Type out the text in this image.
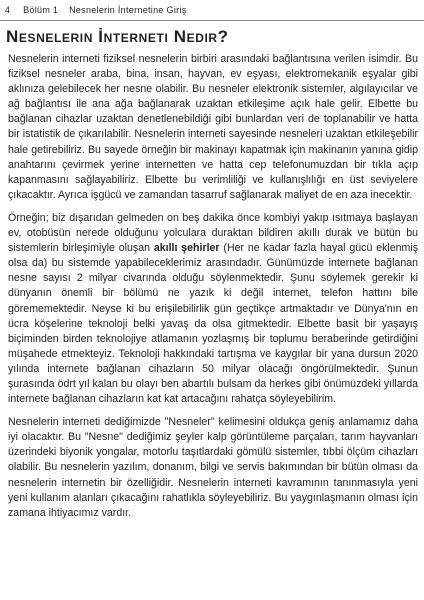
4 Bölüm 1 Nesnelerin İnternetine Giriş
Nesnelerin İnterneti Nedir?

Nesnelerin interneti fiziksel nesnelerin birbiri arasındaki bağlantısına verilen isimdir. Bu fiziksel nesneler araba, bina, insan, hayvan, ev eşyası, elektromekanik eşyalar gibi aklınıza gelebilecek her nesne olabilir. Bu nesneler elektronik sistemler, algılayıcılar ve ağ bağlantısı ile ana ağa bağlanarak uzaktan etkileşime açık hale gelir. Elbette bu bağlanan cihazlar uzaktan denetlenebildiği gibi bunlardan veri de toplanabilir ve hatta bir istatistik de çıkarılabilir. Nesnelerin interneti sayesinde nesneleri uzaktan etkileşebilir hale getirebiliriz. Bu sayede örneğin bir makinayı kapatmak için makinanın yanına gidip anahtarını çevirmek yerine internetten ve hatta cep telefonumuzdan bir tıkla açıp kapanmasını sağlayabiliriz. Elbette bu verimliliği ve kullanışlılığı en üst seviyelere çıkacaktır. Ayrıca işgücü ve zamandan tasarruf sağlanarak maliyet de en aza inecektir.

Örneğin; biz dışarıdan gelmeden on beş dakika önce kombiyi yakıp ısıtmaya başlayan ev, otobüsün nerede olduğunu yolculara duraktan bildiren akıllı durak ve bütün bu sistemlerin birleşimiyle oluşan akıllı şehirler (Her ne kadar fazla hayal gücü eklenmiş olsa da) bu sistemde yapabileceklerimiz arasındadır. Günümüzde internete bağlanan nesne sayısı 2 milyar civarında olduğu söylenmektedir. Şunu söylemek gerekir ki dünyanın önemli bir bölümü ne yazık ki değil internet, telefon hattını bile görememektedir. Neyse ki bu erişilebilirlik gün geçtikçe artmaktadır ve Dünya'nın en ücra köşelerine teknoloji belki yavaş da olsa gitmektedir. Elbette basit bir yaşayış biçiminden birden teknolojiye atlamanın yozlaşmış bir toplumu beraberinde getirdiğini müşahede etmekteyiz. Teknoloji hakkındaki tartışma ve kaygılar bir yana dursun 2020 yılında internete bağlanan cihazların 50 milyar olacağı öngörülmektedir. Şunun şurasında ödrt yıl kalan bu olayı ben abartılı bulsam da herkes gibi önümüzdeki yıllarda internete bağlanan cihazların kat kat artacağını rahatça söyleyebilirim.

Nesnelerin interneti dediğimizde "Nesneler" kelimesini oldukça geniş anlamamız daha iyi olacaktır. Bu "Nesne" dediğimiz şeyler kalp görüntüleme parçaları, tarım hayvanları üzerindeki biyonik yongalar, motorlu taşıtlardaki gömülü sistemler, tıbbi ölçüm cihazları olabilir. Bu nesnelerin yazılım, donanım, bilgi ve servis bakımından bir bütün olması da nesnelerin internetin bir özelliğidir. Nesnelerin interneti kavramının tanınmasıyla yeni yeni kullanım alanları çıkacağını rahatlıkla söyleyebiliriz. Bu yaygınlaşmanın olması için zamana ihtiyacımız vardır.
